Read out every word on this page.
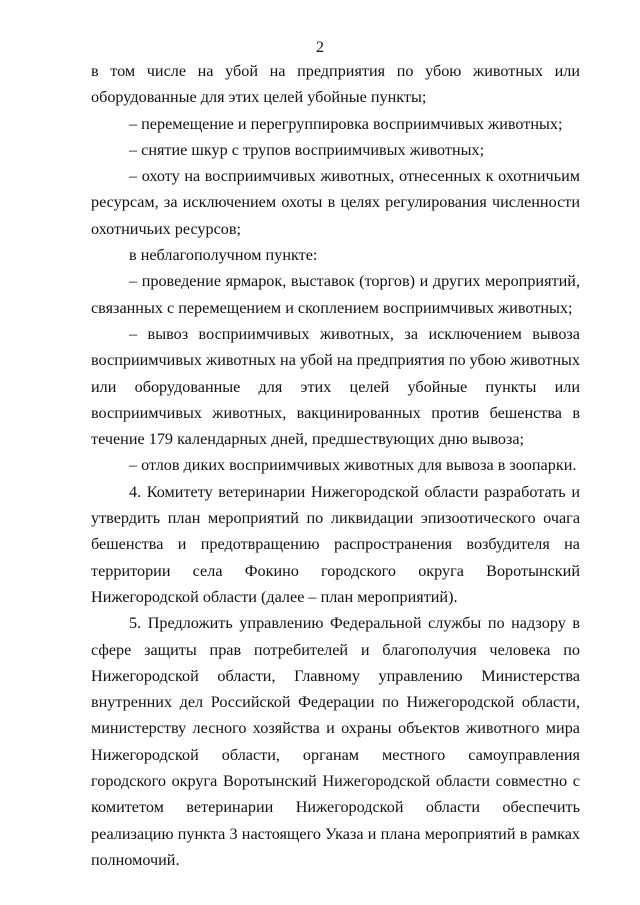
2

в том числе на убой на предприятия по убою животных или оборудованные для этих целей убойные пункты;

– перемещение и перегруппировка восприимчивых животных;

– снятие шкур с трупов восприимчивых животных;

– охоту на восприимчивых животных, отнесенных к охотничьим ресурсам, за исключением охоты в целях регулирования численности охотничьих ресурсов;

в неблагополучном пункте:

– проведение ярмарок, выставок (торгов) и других мероприятий, связанных с перемещением и скоплением восприимчивых животных;

– вывоз восприимчивых животных, за исключением вывоза восприимчивых животных на убой на предприятия по убою животных или оборудованные для этих целей убойные пункты или восприимчивых животных, вакцинированных против бешенства в течение 179 календарных дней, предшествующих дню вывоза;

– отлов диких восприимчивых животных для вывоза в зоопарки.

4. Комитету ветеринарии Нижегородской области разработать и утвердить план мероприятий по ликвидации эпизоотического очага бешенства и предотвращению распространения возбудителя на территории села Фокино городского округа Воротынский Нижегородской области (далее – план мероприятий).

5. Предложить управлению Федеральной службы по надзору в сфере защиты прав потребителей и благополучия человека по Нижегородской области, Главному управлению Министерства внутренних дел Российской Федерации по Нижегородской области, министерству лесного хозяйства и охраны объектов животного мира Нижегородской области, органам местного самоуправления городского округа Воротынский Нижегородской области совместно с комитетом ветеринарии Нижегородской области обеспечить реализацию пункта 3 настоящего Указа и плана мероприятий в рамках полномочий.
